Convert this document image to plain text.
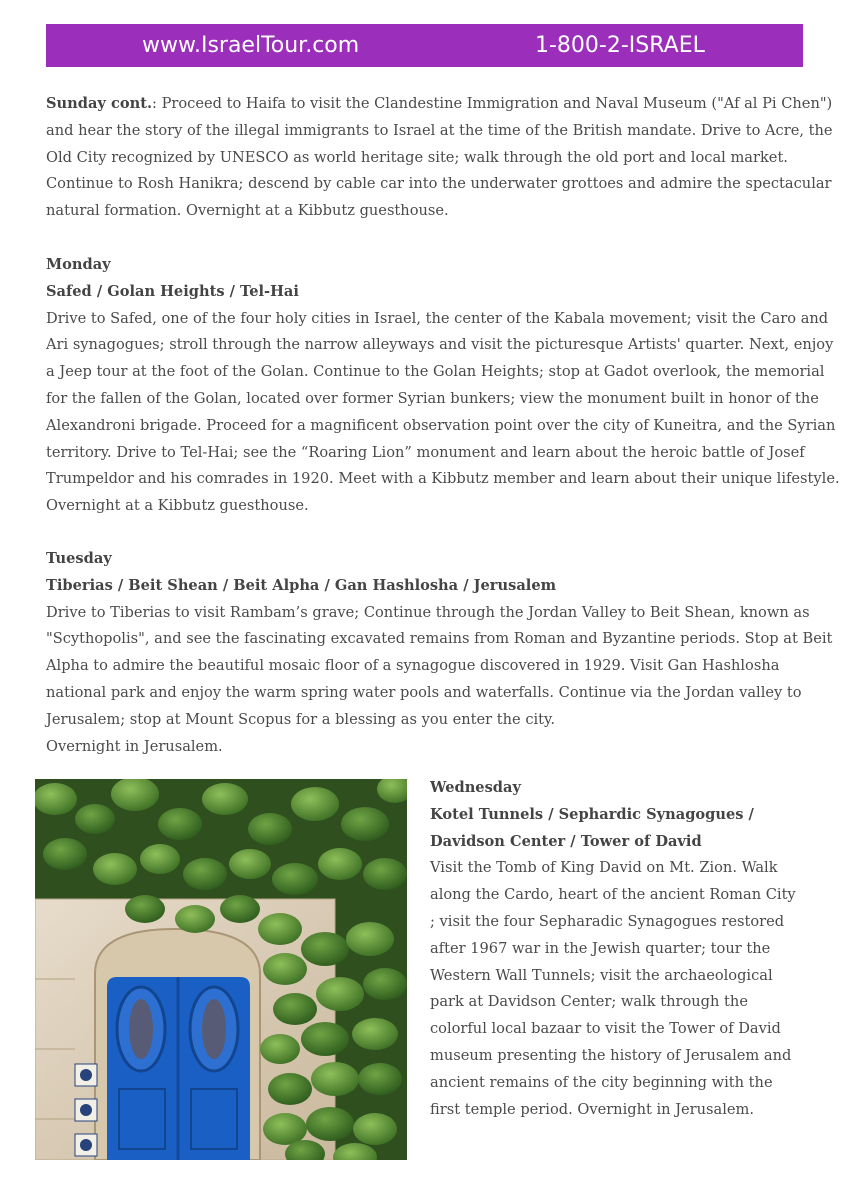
www.IsraelTour.com	1-800-2-ISRAEL
Sunday cont.: Proceed to Haifa to visit the Clandestine Immigration and Naval Museum ("Af al Pi Chen")
and hear the story of the illegal immigrants to Israel at the time of the British mandate. Drive to Acre, the
Old City recognized by UNESCO as world heritage site; walk through the old port and local market.
Continue to Rosh Hanikra; descend by cable car into the underwater grottoes and admire the spectacular
natural formation. Overnight at a Kibbutz guesthouse.
Monday
Safed / Golan Heights / Tel-Hai
Drive to Safed, one of the four holy cities in Israel, the center of the Kabala movement; visit the Caro and
Ari synagogues; stroll through the narrow alleyways and visit the picturesque Artists' quarter. Next, enjoy
a Jeep tour at the foot of the Golan. Continue to the Golan Heights; stop at Gadot overlook, the memorial
for the fallen of the Golan, located over former Syrian bunkers; view the monument built in honor of the
Alexandroni brigade. Proceed for a magnificent observation point over the city of Kuneitra, and the Syrian
territory. Drive to Tel-Hai; see the “Roaring Lion” monument and learn about the heroic battle of Josef
Trumpeldor and his comrades in 1920. Meet with a Kibbutz member and learn about their unique lifestyle.
Overnight at a Kibbutz guesthouse.
Tuesday
Tiberias / Beit Shean / Beit Alpha / Gan Hashlosha / Jerusalem
Drive to Tiberias to visit Rambam’s grave; Continue through the Jordan Valley to Beit Shean, known as
"Scythopolis", and see the fascinating excavated remains from Roman and Byzantine periods. Stop at Beit
Alpha to admire the beautiful mosaic floor of a synagogue discovered in 1929. Visit Gan Hashlosha
national park and enjoy the warm spring water pools and waterfalls. Continue via the Jordan valley to
Jerusalem; stop at Mount Scopus for a blessing as you enter the city.
Overnight in Jerusalem.
Wednesday
Kotel Tunnels / Sephardic Synagogues /
Davidson Center / Tower of David
Visit the Tomb of King David on Mt. Zion. Walk
along the Cardo, heart of the ancient Roman City
; visit the four Sepharadic Synagogues restored
after 1967 war in the Jewish quarter; tour the
Western Wall Tunnels; visit the archaeological
park at Davidson Center; walk through the
colorful local bazaar to visit the Tower of David
museum presenting the history of Jerusalem and
ancient remains of the city beginning with the
first temple period. Overnight in Jerusalem.
